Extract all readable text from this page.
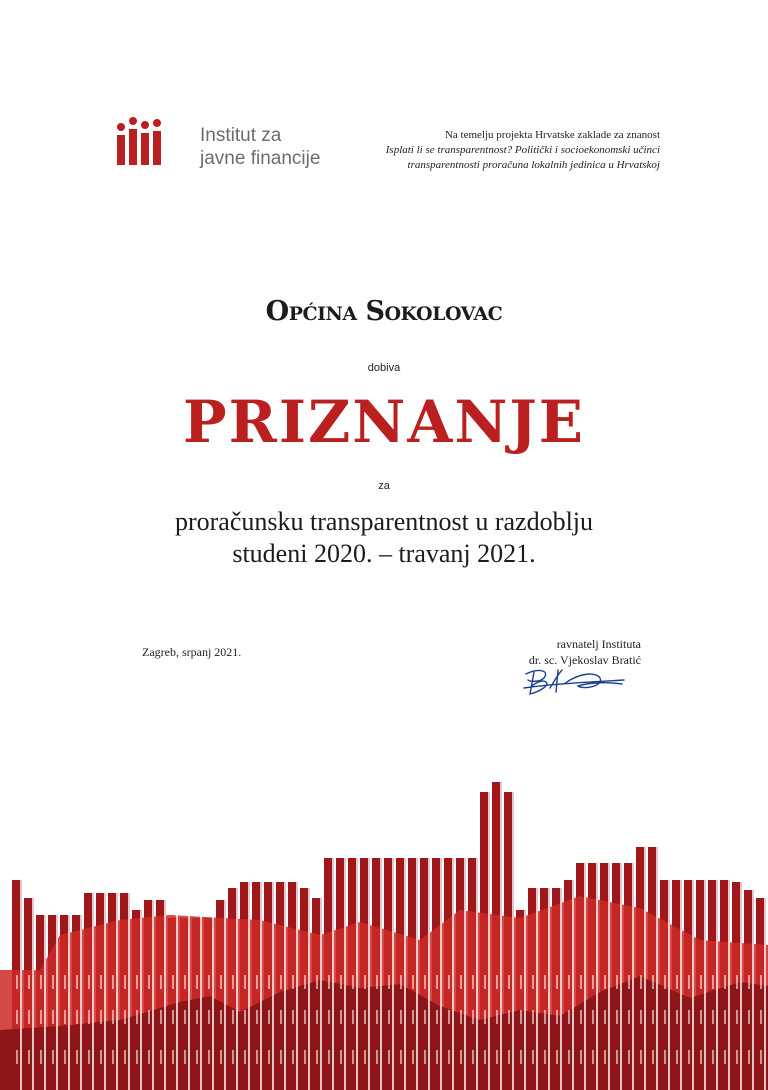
Institut za
javne financije
Na temelju projekta Hrvatske zaklade za znanost
Isplati li se transparentnost? Politički i socioekonomski učinci
transparentnosti proračuna lokalnih jedinica u Hrvatskoj
Općina Sokolovac
dobiva
PRIZNANJE
za
proračunsku transparentnost u razdoblju
studeni 2020. – travanj 2021.
Zagreb, srpanj 2021.
ravnatelj Instituta
dr. sc. Vjekoslav Bratić
